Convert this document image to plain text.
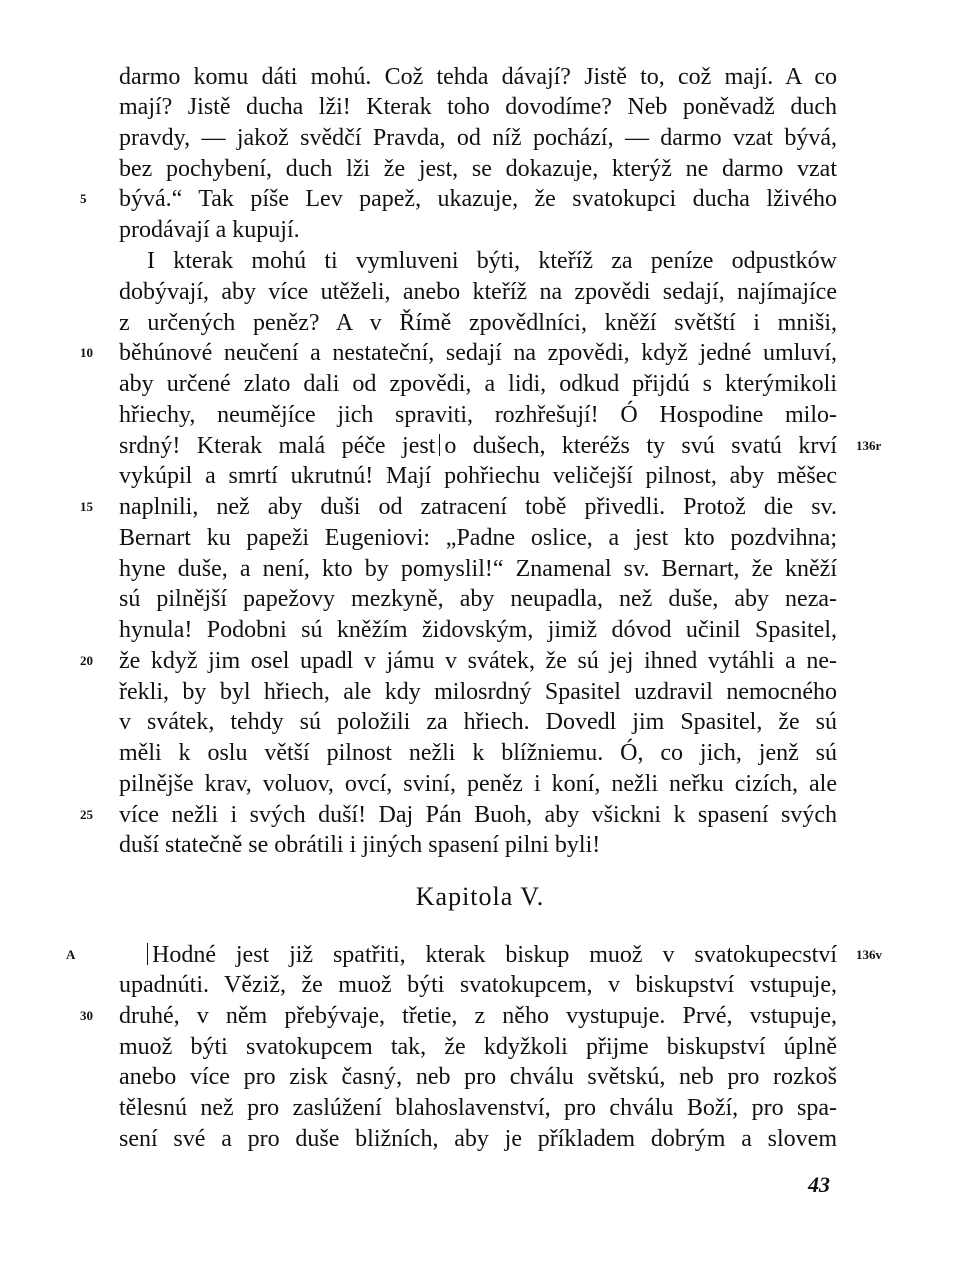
darmo komu dáti mohú. Což tehda dávají? Jistě to, což mají. A co
mají? Jistě ducha lži! Kterak toho dovodíme? Neb poněvadž duch
pravdy, — jakož svědčí Pravda, od níž pochází, — darmo vzat bývá,
bez pochybení, duch lži že jest, se dokazuje, kterýž ne darmo vzat
bývá.“ Tak píše Lev papež, ukazuje, že svatokupci ducha lživého
prodávají a kupují.
I kterak mohú ti vymluveni býti, kteříž za peníze odpustków
dobývají, aby více utěželi, anebo kteříž na zpovědi sedají, najímajíce
z určených peněz? A v Římě zpovědlníci, kněží světští i mniši,
běhúnové neučení a nestateční, sedají na zpovědi, když jedné umluví,
aby určené zlato dali od zpovědi, a lidi, odkud přijdú s kterýmikoli
hřiechy, neumějíce jich spraviti, rozhřešují! Ó Hospodine milo-
srdný! Kterak malá péče jest o dušech, kteréžs ty svú svatú krví
vykúpil a smrtí ukrutnú! Mají pohřiechu veličejší pilnost, aby měšec
naplnili, než aby duši od zatracení tobě přivedli. Protož die sv.
Bernart ku papeži Eugeniovi: „Padne oslice, a jest kto pozdvihna;
hyne duše, a není, kto by pomyslil!“ Znamenal sv. Bernart, že kněží
sú pilnější papežovy mezkyně, aby neupadla, než duše, aby neza-
hynula! Podobni sú kněžím židovským, jimiž dóvod učinil Spasitel,
že když jim osel upadl v jámu v svátek, že sú jej ihned vytáhli a ne-
řekli, by byl hřiech, ale kdy milosrdný Spasitel uzdravil nemocného
v svátek, tehdy sú položili za hřiech. Dovedl jim Spasitel, že sú
měli k oslu větší pilnost nežli k blížniemu. Ó, co jich, jenž sú
pilnějše krav, voluov, ovcí, sviní, peněz i koní, nežli neřku cizích, ale
více nežli i svých duší! Daj Pán Buoh, aby všickni k spasení svých
duší statečně se obrátili i jiných spasení pilni byli!
5
10
15
20
25
30
136r
Kapitola V.
A	136v
Hodné jest již spatřiti, kterak biskup muož v svatokupecství
upadnúti. Věziž, že muož býti svatokupcem, v biskupství vstupuje,
druhé, v něm přebývaje, třetie, z něho vystupuje. Prvé, vstupuje,
muož býti svatokupcem tak, že kdyžkoli přijme biskupství úplně
anebo více pro zisk časný, neb pro chválu světskú, neb pro rozkoš
tělesnú než pro zaslúžení blahoslavenství, pro chválu Boží, pro spa-
sení své a pro duše bližních, aby je příkladem dobrým a slovem
43
